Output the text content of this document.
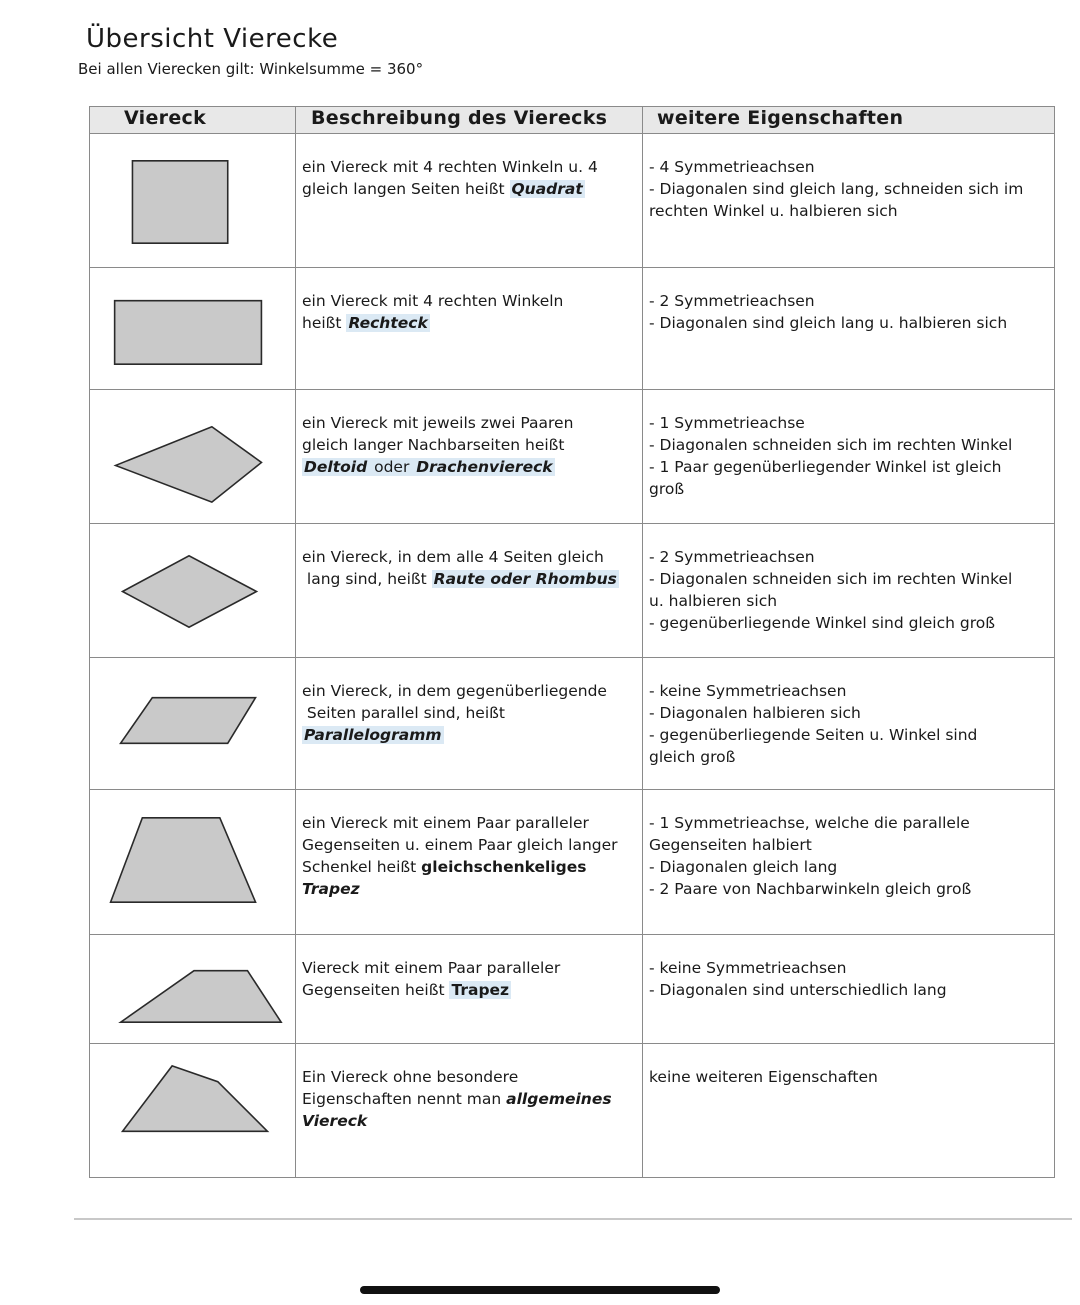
Übersicht Vierecke

Bei allen Vierecken gilt: Winkelsumme = 360°

Viereck	Beschreibung des Vierecks	weitere Eigenschaften

ein Viereck mit 4 rechten Winkeln u. 4
gleich langen Seiten heißt Quadrat	- 4 Symmetrieachsen
- Diagonalen sind gleich lang, schneiden sich im
rechten Winkel u. halbieren sich

ein Viereck mit 4 rechten Winkeln
heißt Rechteck	- 2 Symmetrieachsen
- Diagonalen sind gleich lang u. halbieren sich

ein Viereck mit jeweils zwei Paaren
gleich langer Nachbarseiten heißt
Deltoid oder Drachenviereck	- 1 Symmetrieachse
- Diagonalen schneiden sich im rechten Winkel
- 1 Paar gegenüberliegender Winkel ist gleich
groß

ein Viereck, in dem alle 4 Seiten gleich
lang sind, heißt Raute oder Rhombus	- 2 Symmetrieachsen
- Diagonalen schneiden sich im rechten Winkel
u. halbieren sich
- gegenüberliegende Winkel sind gleich groß

ein Viereck, in dem gegenüberliegende
Seiten parallel sind, heißt
Parallelogramm	- keine Symmetrieachsen
- Diagonalen halbieren sich
- gegenüberliegende Seiten u. Winkel sind
gleich groß

ein Viereck mit einem Paar paralleler
Gegenseiten u. einem Paar gleich langer
Schenkel heißt gleichschenkeliges
Trapez	- 1 Symmetrieachse, welche die parallele
Gegenseiten halbiert
- Diagonalen gleich lang
- 2 Paare von Nachbarwinkeln gleich groß

Viereck mit einem Paar paralleler
Gegenseiten heißt Trapez	- keine Symmetrieachsen
- Diagonalen sind unterschiedlich lang

Ein Viereck ohne besondere
Eigenschaften nennt man allgemeines
Viereck	keine weiteren Eigenschaften
